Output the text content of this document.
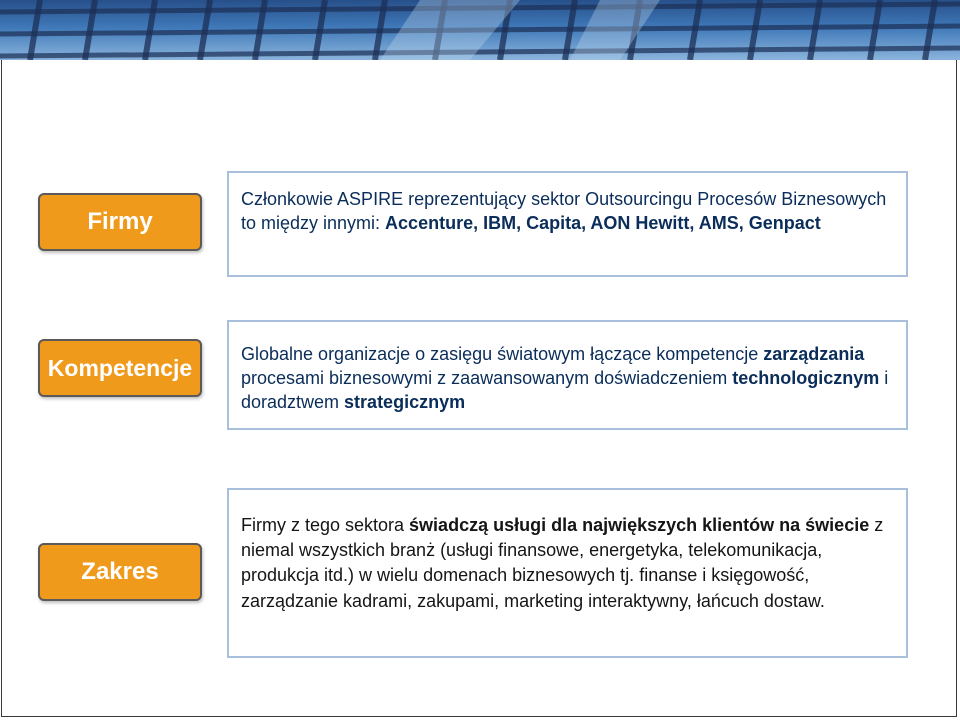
Firmy

Członkowie ASPIRE reprezentujący sektor Outsourcingu Procesów Biznesowych to między innymi: Accenture, IBM, Capita, AON Hewitt, AMS, Genpact

Kompetencje

Globalne organizacje o zasięgu światowym łączące kompetencje zarządzania procesami biznesowymi z zaawansowanym doświadczeniem technologicznym i doradztwem strategicznym

Zakres

Firmy z tego sektora świadczą usługi dla największych klientów na świecie z niemal wszystkich branż (usługi finansowe, energetyka, telekomunikacja, produkcja itd.) w wielu domenach biznesowych tj. finanse i księgowość, zarządzanie kadrami, zakupami, marketing interaktywny, łańcuch dostaw.
